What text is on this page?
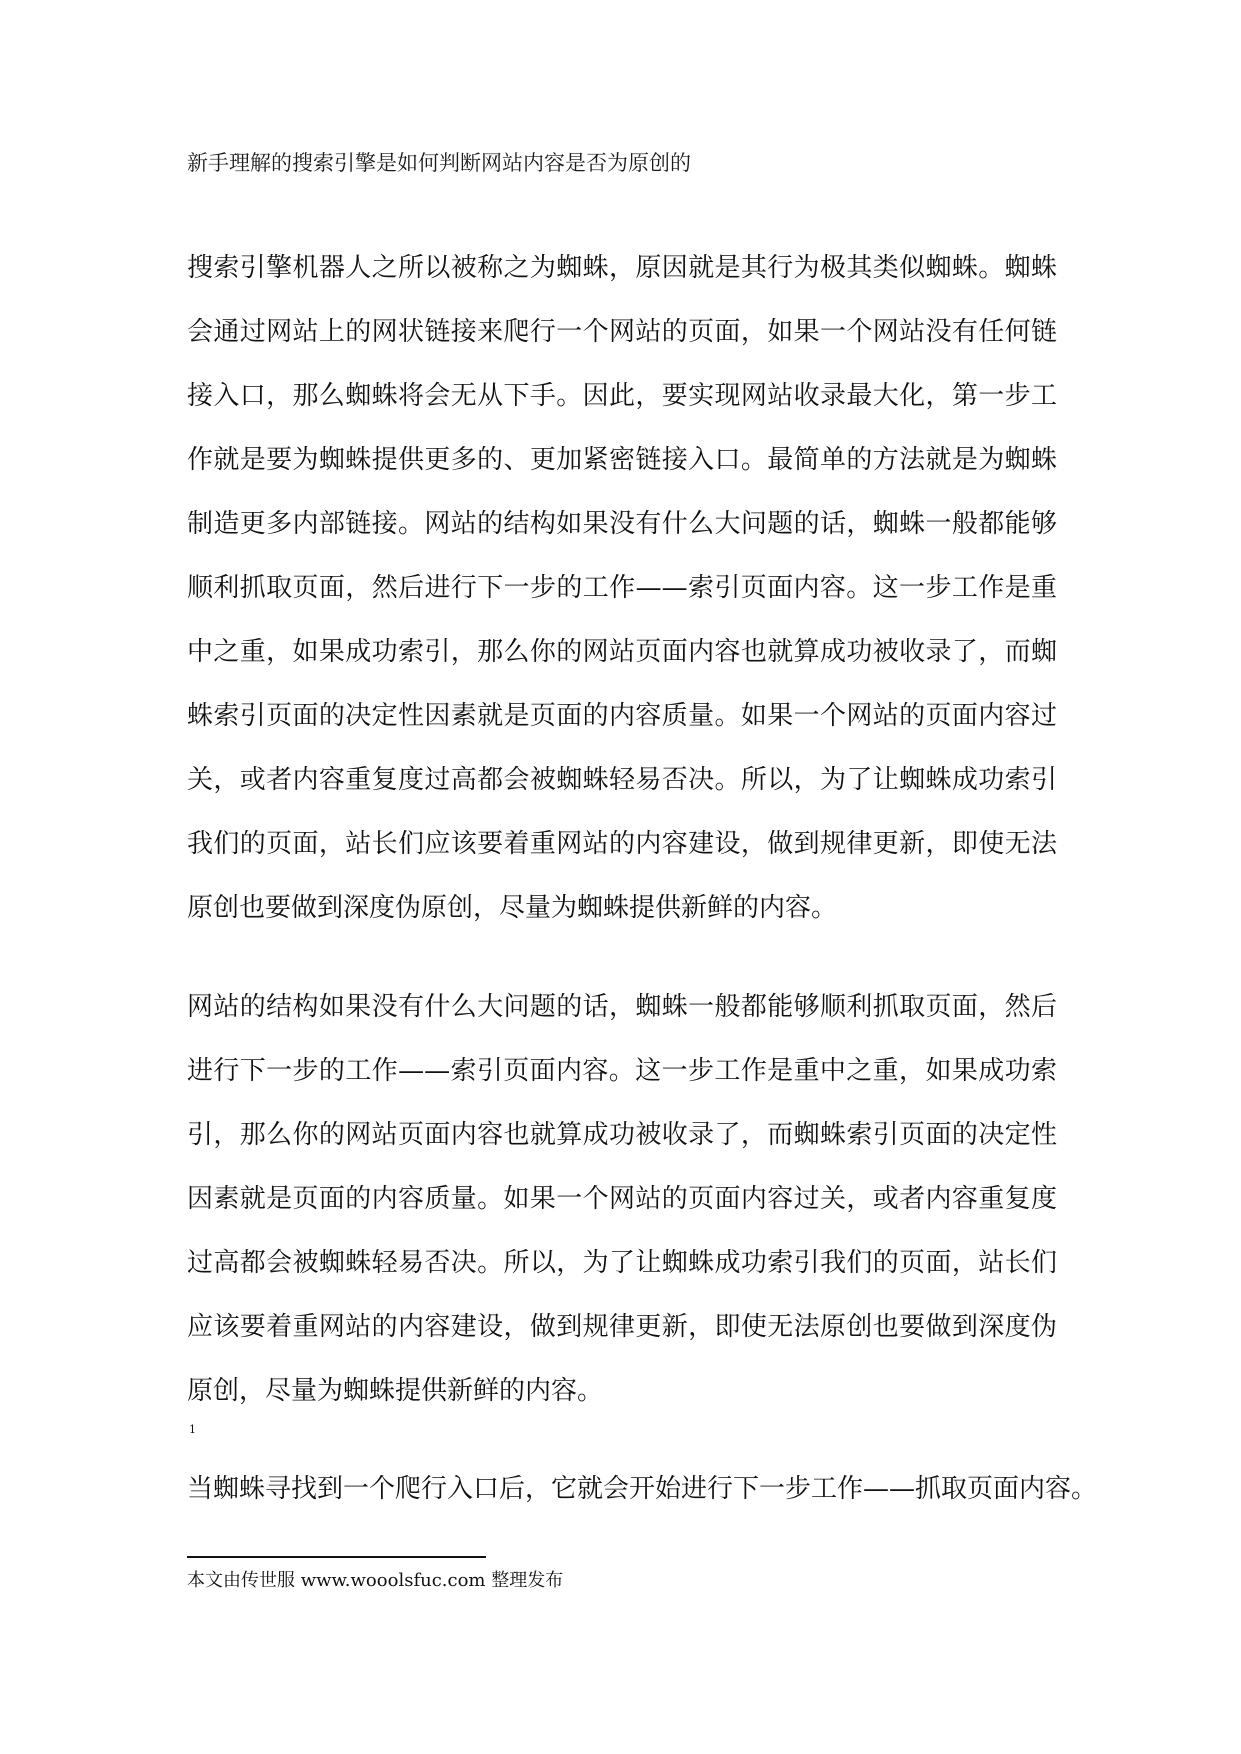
新手理解的搜索引擎是如何判断网站内容是否为原创的
搜索引擎机器人之所以被称之为蜘蛛，原因就是其行为极其类似蜘蛛。蜘蛛会通过网站上的网状链接来爬行一个网站的页面，如果一个网站没有任何链接入口，那么蜘蛛将会无从下手。因此，要实现网站收录最大化，第一步工作就是要为蜘蛛提供更多的、更加紧密链接入口。最简单的方法就是为蜘蛛制造更多内部链接。网站的结构如果没有什么大问题的话，蜘蛛一般都能够顺利抓取页面，然后进行下一步的工作——索引页面内容。这一步工作是重中之重，如果成功索引，那么你的网站页面内容也就算成功被收录了，而蜘蛛索引页面的决定性因素就是页面的内容质量。如果一个网站的页面内容过关，或者内容重复度过高都会被蜘蛛轻易否决。所以，为了让蜘蛛成功索引我们的页面，站长们应该要着重网站的内容建设，做到规律更新，即使无法原创也要做到深度伪原创，尽量为蜘蛛提供新鲜的内容。
网站的结构如果没有什么大问题的话，蜘蛛一般都能够顺利抓取页面，然后进行下一步的工作——索引页面内容。这一步工作是重中之重，如果成功索引，那么你的网站页面内容也就算成功被收录了，而蜘蛛索引页面的决定性因素就是页面的内容质量。如果一个网站的页面内容过关，或者内容重复度过高都会被蜘蛛轻易否决。所以，为了让蜘蛛成功索引我们的页面，站长们应该要着重网站的内容建设，做到规律更新，即使无法原创也要做到深度伪原创，尽量为蜘蛛提供新鲜的内容。
1
当蜘蛛寻找到一个爬行入口后，它就会开始进行下一步工作——抓取页面内容。
本文由传世服 www.wooolsfuc.com 整理发布
